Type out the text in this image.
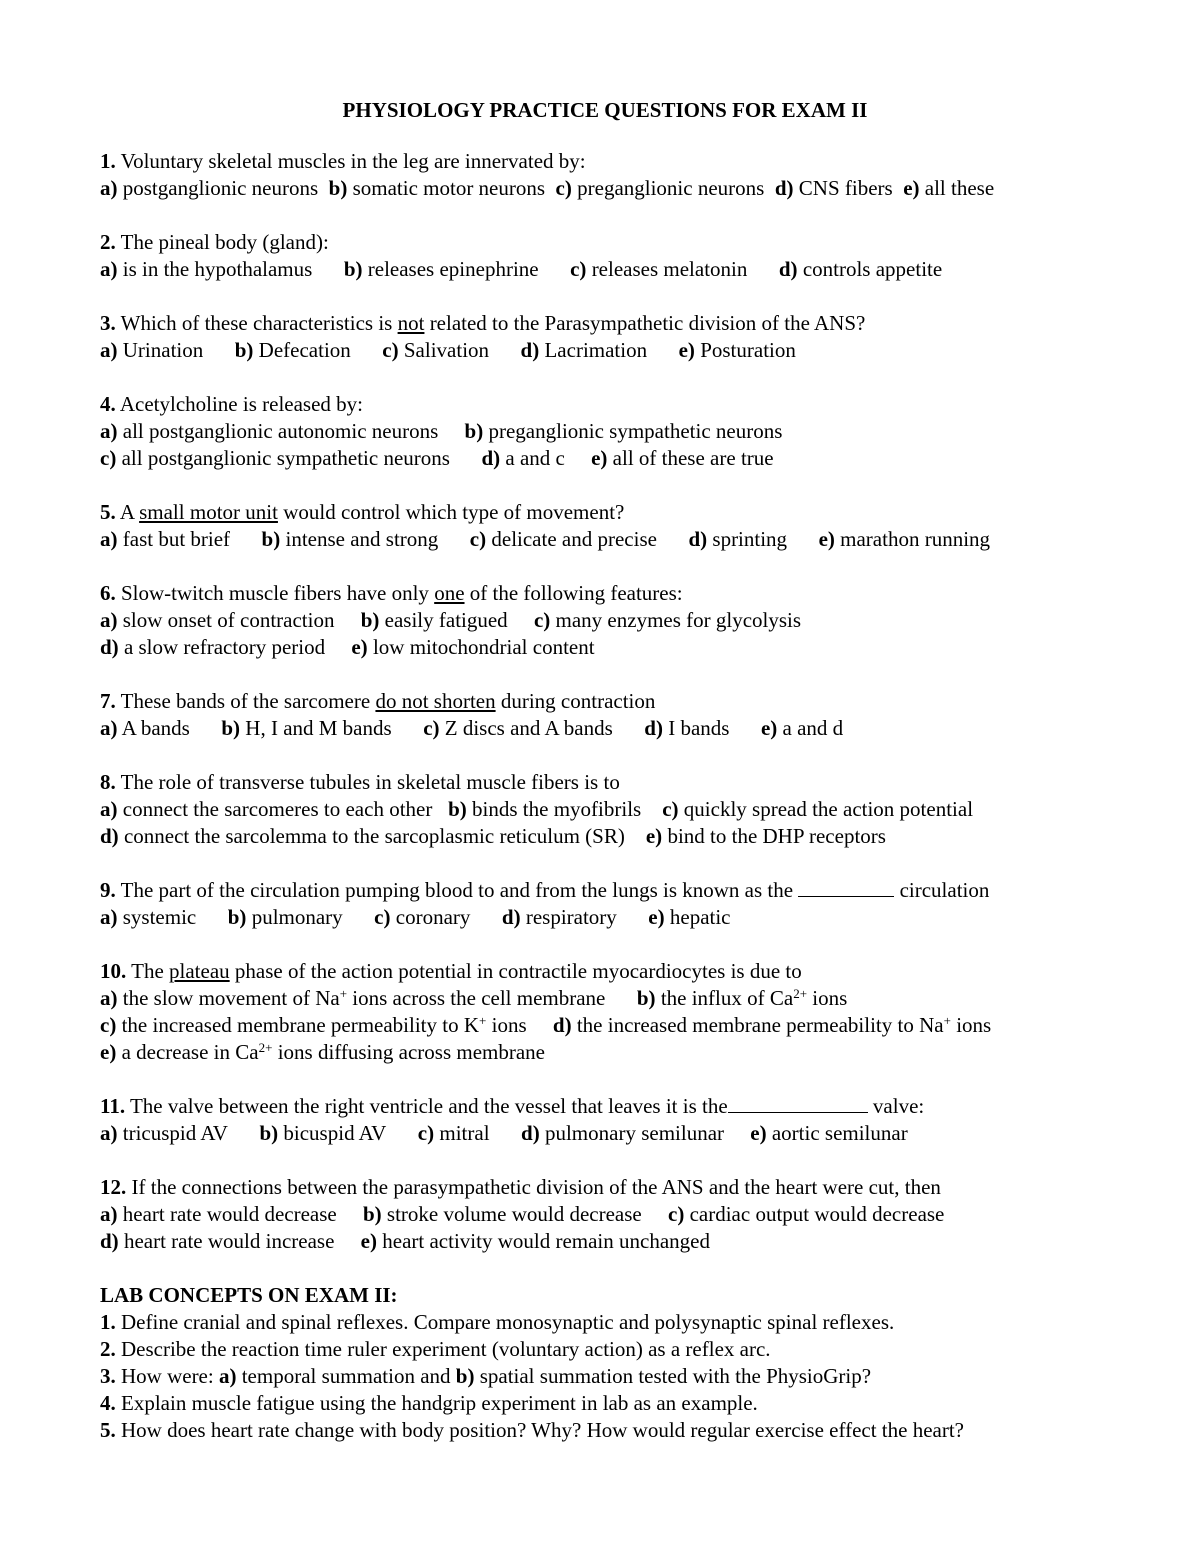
PHYSIOLOGY PRACTICE QUESTIONS FOR EXAM II
1. Voluntary skeletal muscles in the leg are innervated by:
a) postganglionic neurons b) somatic motor neurons c) preganglionic neurons d) CNS fibers e) all these
2. The pineal body (gland):
a) is in the hypothalamus b) releases epinephrine c) releases melatonin d) controls appetite
3. Which of these characteristics is not related to the Parasympathetic division of the ANS?
a) Urination b) Defecation c) Salivation d) Lacrimation e) Posturation
4. Acetylcholine is released by:
a) all postganglionic autonomic neurons b) preganglionic sympathetic neurons
c) all postganglionic sympathetic neurons d) a and c e) all of these are true
5. A small motor unit would control which type of movement?
a) fast but brief b) intense and strong c) delicate and precise d) sprinting e) marathon running
6. Slow-twitch muscle fibers have only one of the following features:
a) slow onset of contraction b) easily fatigued c) many enzymes for glycolysis
d) a slow refractory period e) low mitochondrial content
7. These bands of the sarcomere do not shorten during contraction
a) A bands b) H, I and M bands c) Z discs and A bands d) I bands e) a and d
8. The role of transverse tubules in skeletal muscle fibers is to
a) connect the sarcomeres to each other b) binds the myofibrils c) quickly spread the action potential
d) connect the sarcolemma to the sarcoplasmic reticulum (SR) e) bind to the DHP receptors
9. The part of the circulation pumping blood to and from the lungs is known as the	circulation
a) systemic b) pulmonary c) coronary d) respiratory e) hepatic
10. The plateau phase of the action potential in contractile myocardiocytes is due to
a) the slow movement of Na+ ions across the cell membrane b) the influx of $Ca^{2+}$ ions
c) the increased membrane permeability to K+ ions d) the increased membrane permeability to Na+ ions
e) a decrease in $Ca^{2+}$ ions diffusing across membrane
11. The valve between the right ventricle and the vessel that leaves it is the	valve:
a) tricuspid AV b) bicuspid AV c) mitral d) pulmonary semilunar e) aortic semilunar
12. If the connections between the parasympathetic division of the ANS and the heart were cut, then
a) heart rate would decrease b) stroke volume would decrease c) cardiac output would decrease
d) heart rate would increase e) heart activity would remain unchanged
LAB CONCEPTS ON EXAM II:
1. Define cranial and spinal reflexes. Compare monosynaptic and polysynaptic spinal reflexes.
2. Describe the reaction time ruler experiment (voluntary action) as a reflex arc.
3. How were: a) temporal summation and b) spatial summation tested with the PhysioGrip?
4. Explain muscle fatigue using the handgrip experiment in lab as an example.
5. How does heart rate change with body position? Why? How would regular exercise effect the heart?
